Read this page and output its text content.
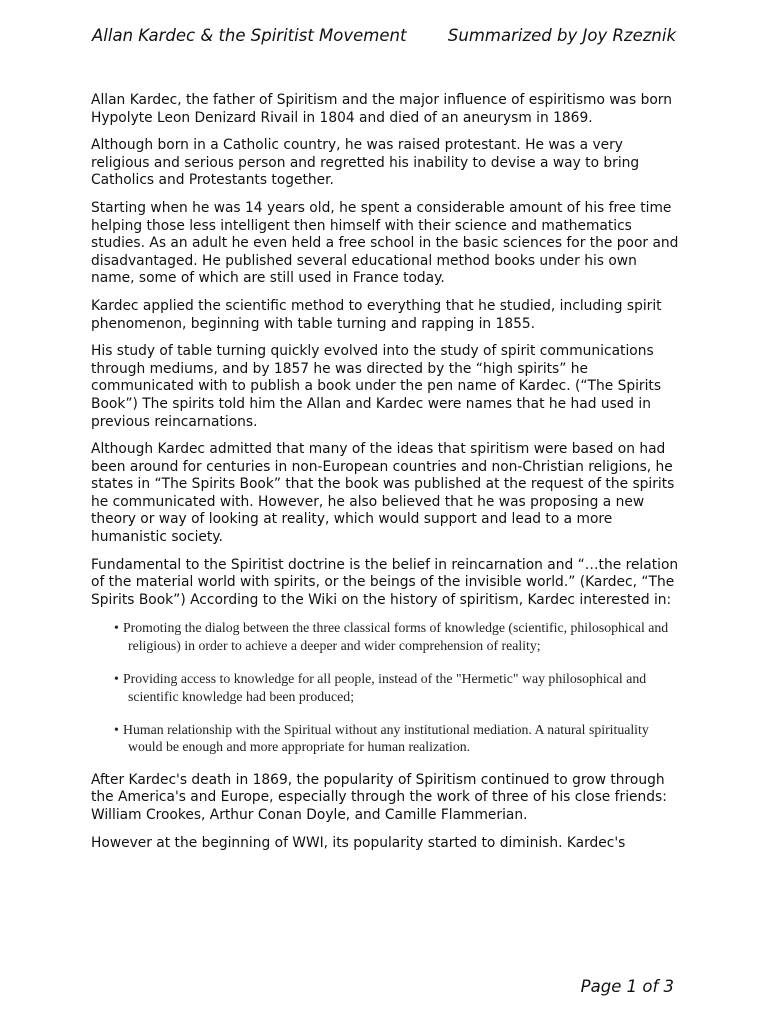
Allan Kardec & the Spiritist Movement	Summarized by Joy Rzeznik

Allan Kardec, the father of Spiritism and the major influence of espiritismo was born Hypolyte Leon Denizard Rivail in 1804 and died of an aneurysm in 1869.

Although born in a Catholic country, he was raised protestant. He was a very religious and serious person and regretted his inability to devise a way to bring Catholics and Protestants together.

Starting when he was 14 years old, he spent a considerable amount of his free time helping those less intelligent then himself with their science and mathematics studies. As an adult he even held a free school in the basic sciences for the poor and disadvantaged. He published several educational method books under his own name, some of which are still used in France today.

Kardec applied the scientific method to everything that he studied, including spirit phenomenon, beginning with table turning and rapping in 1855.

His study of table turning quickly evolved into the study of spirit communications through mediums, and by 1857 he was directed by the “high spirits” he communicated with to publish a book under the pen name of Kardec. (“The Spirits Book”) The spirits told him the Allan and Kardec were names that he had used in previous reincarnations.

Although Kardec admitted that many of the ideas that spiritism were based on had been around for centuries in non-European countries and non-Christian religions, he states in “The Spirits Book” that the book was published at the request of the spirits he communicated with. However, he also believed that he was proposing a new theory or way of looking at reality, which would support and lead to a more humanistic society.

Fundamental to the Spiritist doctrine is the belief in reincarnation and “…the relation of the material world with spirits, or the beings of the invisible world.” (Kardec, “The Spirits Book”) According to the Wiki on the history of spiritism, Kardec interested in:

• Promoting the dialog between the three classical forms of knowledge (scientific, philosophical and religious) in order to achieve a deeper and wider comprehension of reality;
• Providing access to knowledge for all people, instead of the "Hermetic" way philosophical and scientific knowledge had been produced;
• Human relationship with the Spiritual without any institutional mediation. A natural spirituality would be enough and more appropriate for human realization.

After Kardec's death in 1869, the popularity of Spiritism continued to grow through the America's and Europe, especially through the work of three of his close friends: William Crookes, Arthur Conan Doyle, and Camille Flammerian.

However at the beginning of WWI, its popularity started to diminish. Kardec's

Page 1 of 3
